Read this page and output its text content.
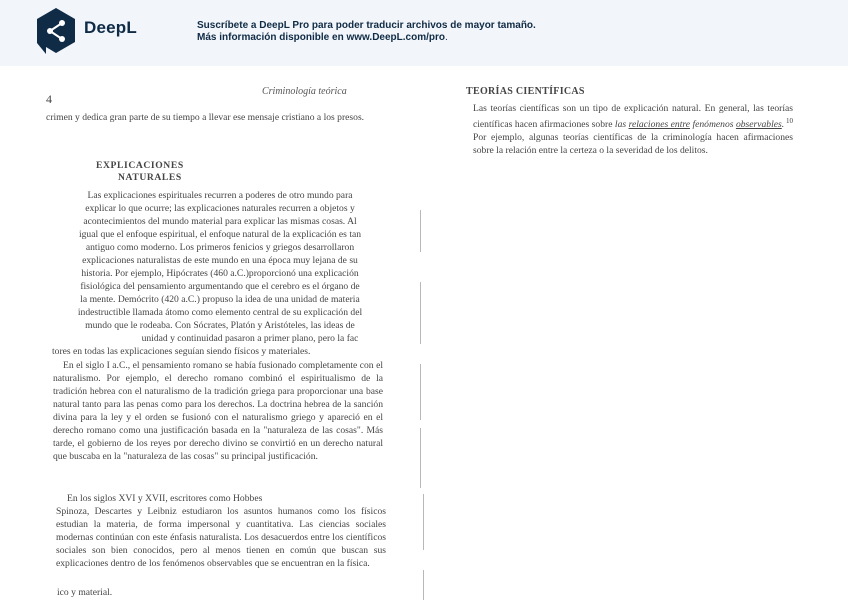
DeepL	Suscríbete a DeepL Pro para poder traducir archivos de mayor tamaño.
Más información disponible en www.DeepL.com/pro.
4
Criminología teórica	TEORÍAS CIENTÍFICAS
crimen y dedica gran parte de su tiempo a llevar ese mensaje cristiano a los presos.
EXPLICACIONES
NATURALES
Las explicaciones espirituales recurren a poderes de otro mundo para
explicar lo que ocurre; las explicaciones naturales recurren a objetos y
acontecimientos del mundo material para explicar las mismas cosas. Al
igual que el enfoque espiritual, el enfoque natural de la explicación es tan
antiguo como moderno. Los primeros fenicios y griegos desarrollaron
explicaciones naturalistas de este mundo en una época muy lejana de su
historia. Por ejemplo, Hipócrates (460 a.C.)proporcionó una explicación
fisiológica del pensamiento argumentando que el cerebro es el órgano de
la mente. Demócrito (420 a.C.) propuso la idea de una unidad de materia
indestructible llamada átomo como elemento central de su explicación del
mundo que le rodeaba. Con Sócrates, Platón y Aristóteles, las ideas de
unidad y continuidad pasaron a primer plano, pero la fac
tores en todas las explicaciones seguían siendo físicos y materiales.
En el siglo I a.C., el pensamiento romano se había fusionado completamente con el naturalismo. Por ejemplo, el derecho romano combinó el espiritualismo de la tradición hebrea con el naturalismo de la tradición griega para proporcionar una base natural tanto para las penas como para los derechos. La doctrina hebrea de la sanción divina para la ley y el orden se fusionó con el naturalismo griego y apareció en el derecho romano como una justificación basada en la "naturaleza de las cosas". Más tarde, el gobierno de los reyes por derecho divino se convirtió en un derecho natural que buscaba en la "naturaleza de las cosas" su principal justificación.
En los siglos XVI y XVII, escritores como Hobbes
Spinoza, Descartes y Leibniz estudiaron los asuntos humanos como los físicos estudian la materia, de forma impersonal y cuantitativa. Las ciencias sociales modernas continúan con este énfasis naturalista. Los desacuerdos entre los científicos sociales son bien conocidos, pero al menos tienen en común que buscan sus explicaciones dentro de los fenómenos observables que se encuentran en la física.
ico y material.
Las teorías científicas son un tipo de explicación natural. En general, las teorías científicas hacen afirmaciones sobre las relaciones entre fenómenos observables. $^{10}$ Por ejemplo, algunas teorías científicas de la criminología hacen afirmaciones sobre la relación entre la certeza o la severidad de los delitos.
